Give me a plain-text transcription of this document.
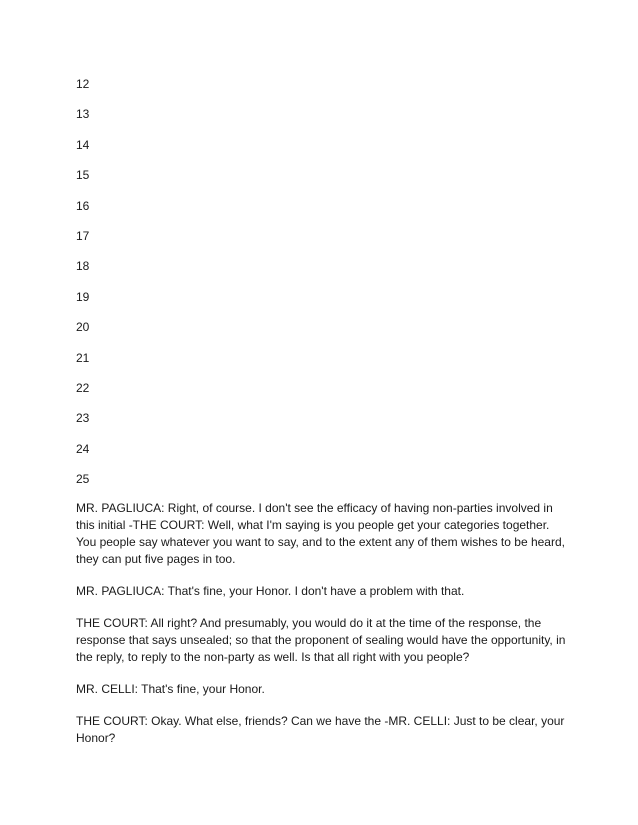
12
13
14
15
16
17
18
19
20
21
22
23
24
25

MR. PAGLIUCA: Right, of course. I don't see the efficacy of having non-parties involved in this initial -THE COURT: Well, what I'm saying is you people get your categories together. You people say whatever you want to say, and to the extent any of them wishes to be heard, they can put five pages in too.

MR. PAGLIUCA: That's fine, your Honor. I don't have a problem with that.

THE COURT: All right? And presumably, you would do it at the time of the response, the response that says unsealed; so that the proponent of sealing would have the opportunity, in the reply, to reply to the non-party as well. Is that all right with you people?

MR. CELLI: That's fine, your Honor.

THE COURT: Okay. What else, friends? Can we have the -MR. CELLI: Just to be clear, your Honor?
